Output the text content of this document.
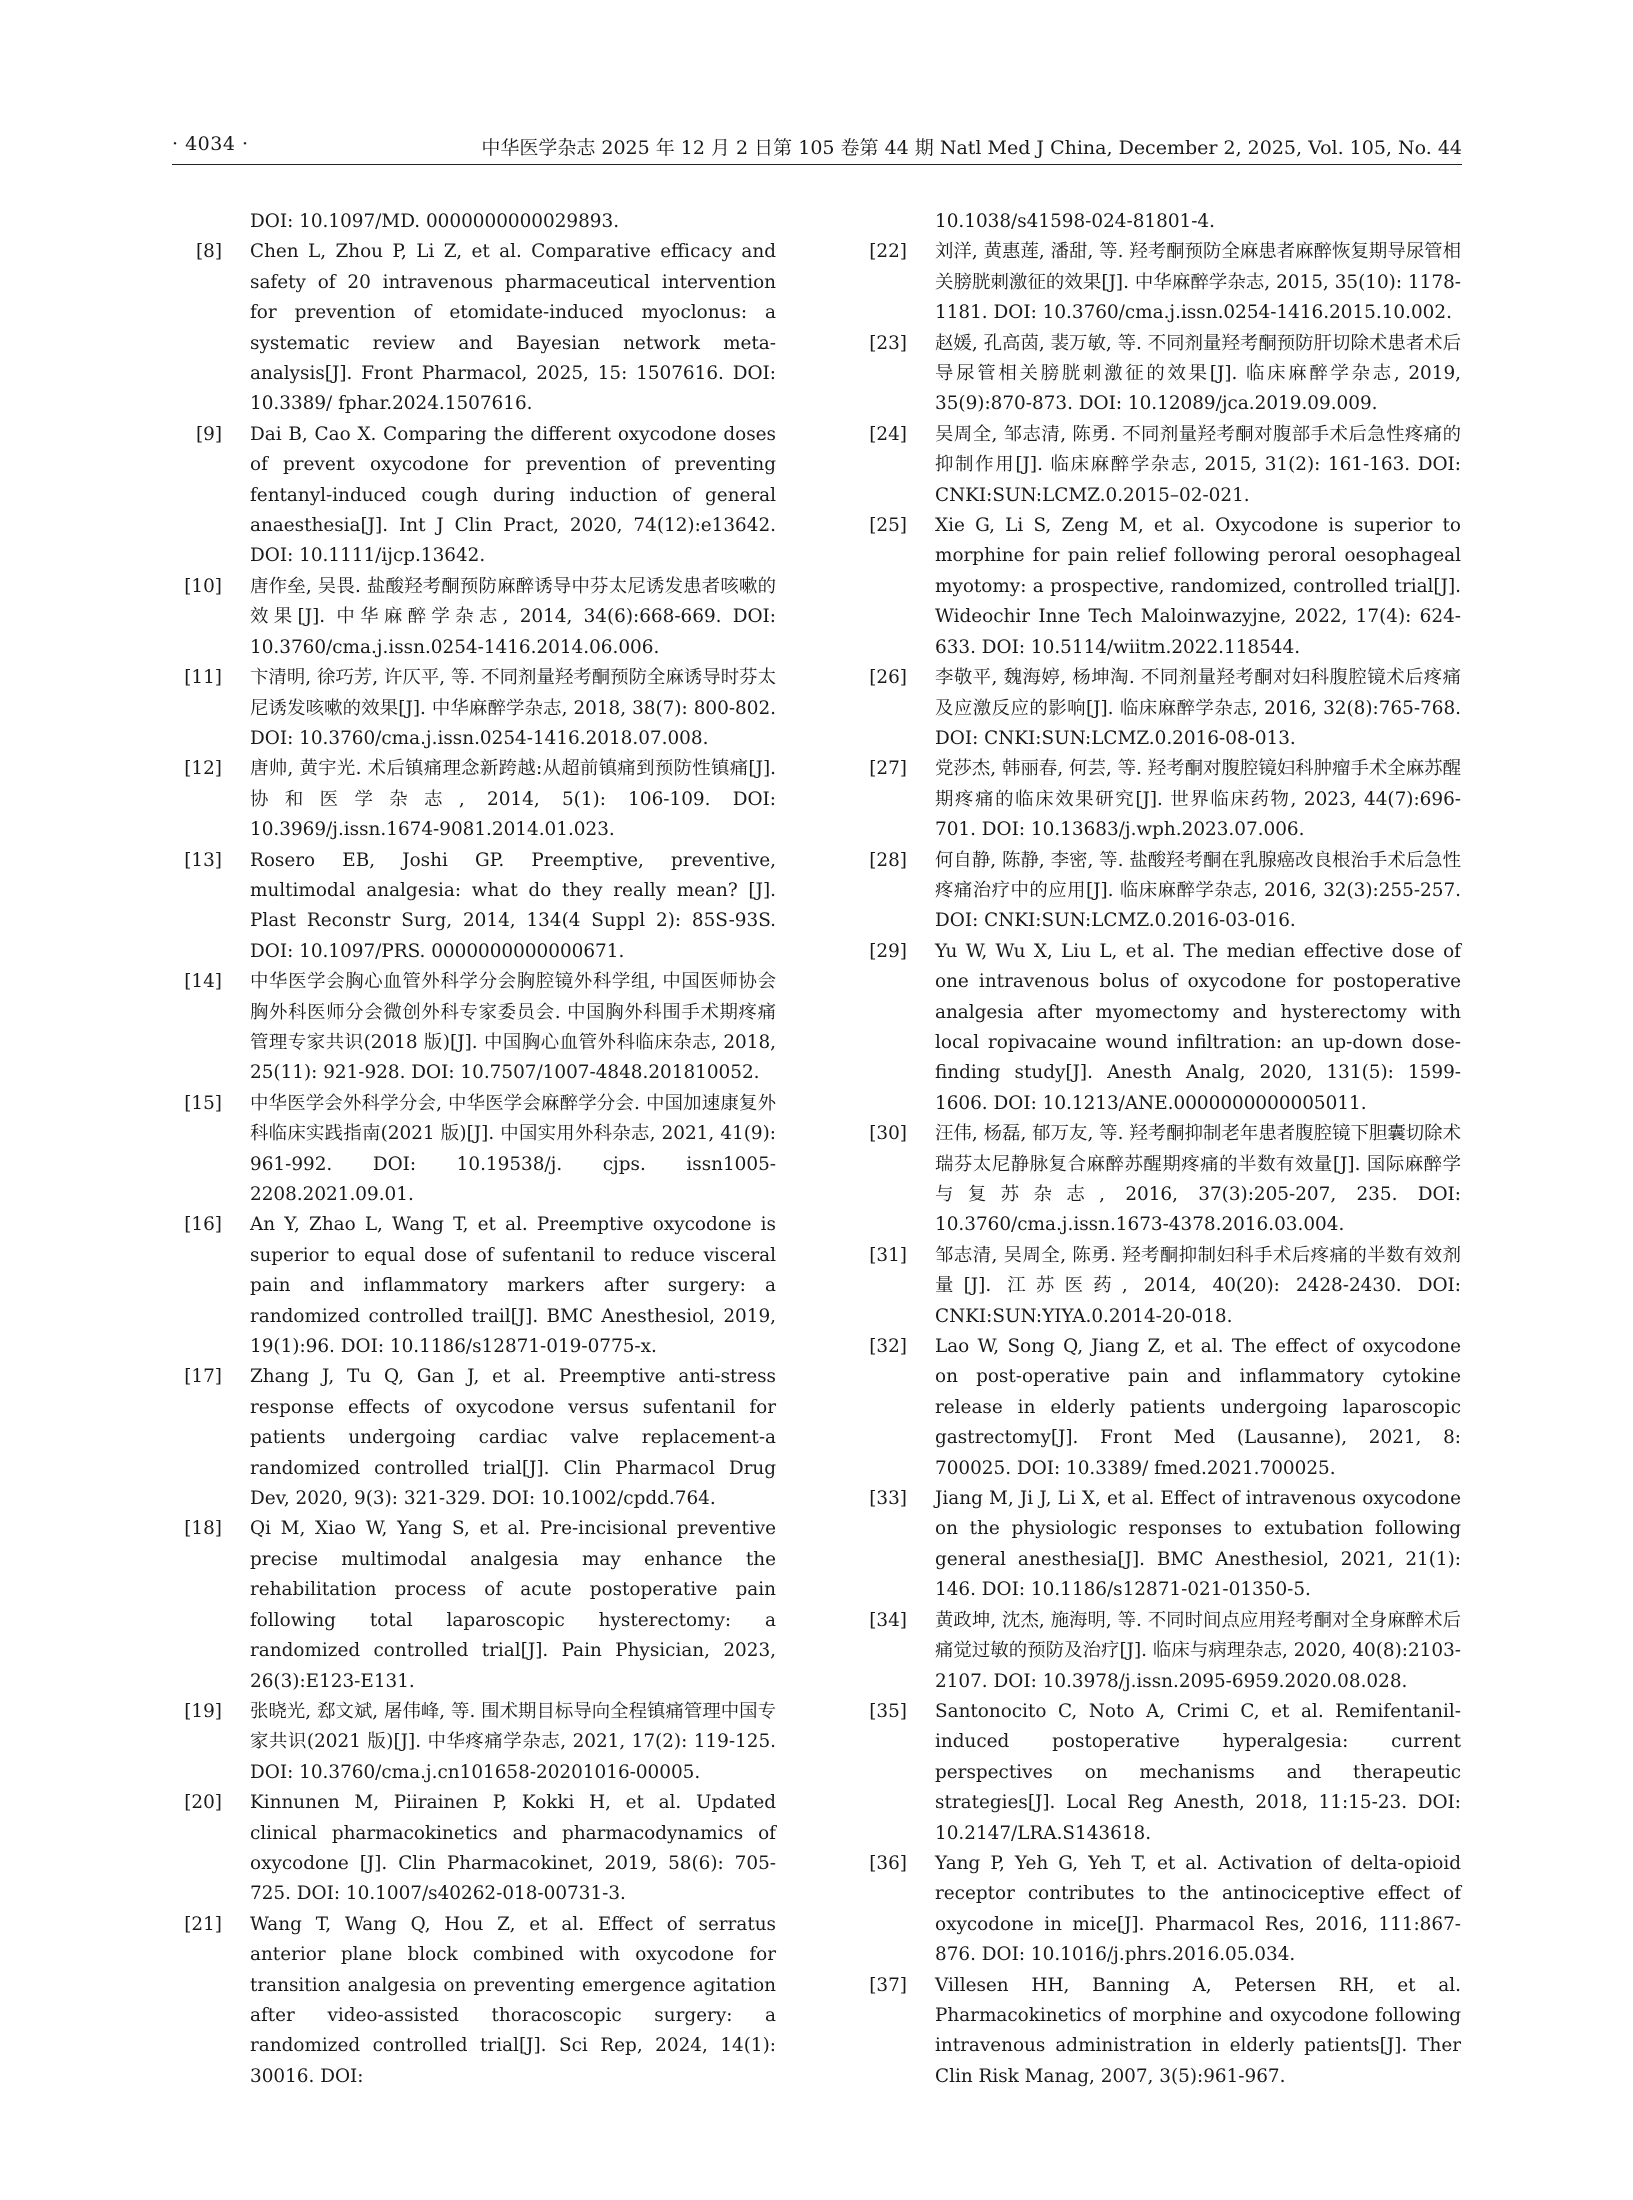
· 4034 ·	中华医学杂志 2025 年 12 月 2 日第 105 卷第 44 期 Natl Med J China, December 2, 2025, Vol. 105, No. 44
DOI: 10.1097/MD. 0000000000029893.
[8] Chen L, Zhou P, Li Z, et al. Comparative efficacy and safety of 20 intravenous pharmaceutical intervention for prevention of etomidate-induced myoclonus: a systematic review and Bayesian network meta-analysis[J]. Front Pharmacol, 2025, 15: 1507616. DOI: 10.3389/ fphar.2024.1507616.
[9] Dai B, Cao X. Comparing the different oxycodone doses of prevent oxycodone for prevention of preventing fentanyl-induced cough during induction of general anaesthesia[J]. Int J Clin Pract, 2020, 74(12):e13642. DOI: 10.1111/ijcp.13642.
[10] 唐作垒, 吴畏. 盐酸羟考酮预防麻醉诱导中芬太尼诱发患者咳嗽的效果[J]. 中华麻醉学杂志, 2014, 34(6):668-669. DOI: 10.3760/cma.j.issn.0254-1416.2014.06.006.
[11] 卞清明, 徐巧芳, 许仄平, 等. 不同剂量羟考酮预防全麻诱导时芬太尼诱发咳嗽的效果[J]. 中华麻醉学杂志, 2018, 38(7): 800-802. DOI: 10.3760/cma.j.issn.0254-1416.2018.07.008.
[12] 唐帅, 黄宇光. 术后镇痛理念新跨越:从超前镇痛到预防性镇痛[J]. 协和医学杂志, 2014, 5(1): 106-109. DOI: 10.3969/j.issn.1674-9081.2014.01.023.
[13] Rosero EB, Joshi GP. Preemptive, preventive, multimodal analgesia: what do they really mean? [J]. Plast Reconstr Surg, 2014, 134(4 Suppl 2): 85S-93S. DOI: 10.1097/PRS. 0000000000000671.
[14] 中华医学会胸心血管外科学分会胸腔镜外科学组, 中国医师协会胸外科医师分会微创外科专家委员会. 中国胸外科围手术期疼痛管理专家共识(2018 版)[J]. 中国胸心血管外科临床杂志, 2018, 25(11): 921-928. DOI: 10.7507/1007-4848.201810052.
[15] 中华医学会外科学分会, 中华医学会麻醉学分会. 中国加速康复外科临床实践指南(2021 版)[J]. 中国实用外科杂志, 2021, 41(9): 961-992. DOI: 10.19538/j. cjps. issn1005-2208.2021.09.01.
[16] An Y, Zhao L, Wang T, et al. Preemptive oxycodone is superior to equal dose of sufentanil to reduce visceral pain and inflammatory markers after surgery: a randomized controlled trail[J]. BMC Anesthesiol, 2019, 19(1):96. DOI: 10.1186/s12871-019-0775-x.
[17] Zhang J, Tu Q, Gan J, et al. Preemptive anti-stress response effects of oxycodone versus sufentanil for patients undergoing cardiac valve replacement-a randomized controlled trial[J]. Clin Pharmacol Drug Dev, 2020, 9(3): 321-329. DOI: 10.1002/cpdd.764.
[18] Qi M, Xiao W, Yang S, et al. Pre-incisional preventive precise multimodal analgesia may enhance the rehabilitation process of acute postoperative pain following total laparoscopic hysterectomy: a randomized controlled trial[J]. Pain Physician, 2023, 26(3):E123-E131.
[19] 张晓光, 郄文斌, 屠伟峰, 等. 围术期目标导向全程镇痛管理中国专家共识(2021 版)[J]. 中华疼痛学杂志, 2021, 17(2): 119-125. DOI: 10.3760/cma.j.cn101658-20201016-00005.
[20] Kinnunen M, Piirainen P, Kokki H, et al. Updated clinical pharmacokinetics and pharmacodynamics of oxycodone [J]. Clin Pharmacokinet, 2019, 58(6): 705-725. DOI: 10.1007/s40262-018-00731-3.
[21] Wang T, Wang Q, Hou Z, et al. Effect of serratus anterior plane block combined with oxycodone for transition analgesia on preventing emergence agitation after video-assisted thoracoscopic surgery: a randomized controlled trial[J]. Sci Rep, 2024, 14(1): 30016. DOI:
10.1038/s41598-024-81801-4.
[22] 刘洋, 黄惠莲, 潘甜, 等. 羟考酮预防全麻患者麻醉恢复期导尿管相关膀胱刺激征的效果[J]. 中华麻醉学杂志, 2015, 35(10): 1178-1181. DOI: 10.3760/cma.j.issn.0254-1416.2015.10.002.
[23] 赵媛, 孔高茵, 裴万敏, 等. 不同剂量羟考酮预防肝切除术患者术后导尿管相关膀胱刺激征的效果[J]. 临床麻醉学杂志, 2019, 35(9):870-873. DOI: 10.12089/jca.2019.09.009.
[24] 吴周全, 邹志清, 陈勇. 不同剂量羟考酮对腹部手术后急性疼痛的抑制作用[J]. 临床麻醉学杂志, 2015, 31(2): 161-163. DOI: CNKI:SUN:LCMZ.0.2015–02-021.
[25] Xie G, Li S, Zeng M, et al. Oxycodone is superior to morphine for pain relief following peroral oesophageal myotomy: a prospective, randomized, controlled trial[J]. Wideochir Inne Tech Maloinwazyjne, 2022, 17(4): 624-633. DOI: 10.5114/wiitm.2022.118544.
[26] 李敬平, 魏海婷, 杨坤淘. 不同剂量羟考酮对妇科腹腔镜术后疼痛及应激反应的影响[J]. 临床麻醉学杂志, 2016, 32(8):765-768. DOI: CNKI:SUN:LCMZ.0.2016-08-013.
[27] 党莎杰, 韩丽春, 何芸, 等. 羟考酮对腹腔镜妇科肿瘤手术全麻苏醒期疼痛的临床效果研究[J]. 世界临床药物, 2023, 44(7):696-701. DOI: 10.13683/j.wph.2023.07.006.
[28] 何自静, 陈静, 李密, 等. 盐酸羟考酮在乳腺癌改良根治手术后急性疼痛治疗中的应用[J]. 临床麻醉学杂志, 2016, 32(3):255-257. DOI: CNKI:SUN:LCMZ.0.2016-03-016.
[29] Yu W, Wu X, Liu L, et al. The median effective dose of one intravenous bolus of oxycodone for postoperative analgesia after myomectomy and hysterectomy with local ropivacaine wound infiltration: an up-down dose-finding study[J]. Anesth Analg, 2020, 131(5): 1599-1606. DOI: 10.1213/ANE.0000000000005011.
[30] 汪伟, 杨磊, 郁万友, 等. 羟考酮抑制老年患者腹腔镜下胆囊切除术瑞芬太尼静脉复合麻醉苏醒期疼痛的半数有效量[J]. 国际麻醉学与复苏杂志, 2016, 37(3):205-207, 235. DOI: 10.3760/cma.j.issn.1673-4378.2016.03.004.
[31] 邹志清, 吴周全, 陈勇. 羟考酮抑制妇科手术后疼痛的半数有效剂量[J]. 江苏医药, 2014, 40(20): 2428-2430. DOI: CNKI:SUN:YIYA.0.2014-20-018.
[32] Lao W, Song Q, Jiang Z, et al. The effect of oxycodone on post-operative pain and inflammatory cytokine release in elderly patients undergoing laparoscopic gastrectomy[J]. Front Med (Lausanne), 2021, 8: 700025. DOI: 10.3389/ fmed.2021.700025.
[33] Jiang M, Ji J, Li X, et al. Effect of intravenous oxycodone on the physiologic responses to extubation following general anesthesia[J]. BMC Anesthesiol, 2021, 21(1): 146. DOI: 10.1186/s12871-021-01350-5.
[34] 黄政坤, 沈杰, 施海明, 等. 不同时间点应用羟考酮对全身麻醉术后痛觉过敏的预防及治疗[J]. 临床与病理杂志, 2020, 40(8):2103-2107. DOI: 10.3978/j.issn.2095-6959.2020.08.028.
[35] Santonocito C, Noto A, Crimi C, et al. Remifentanil-induced postoperative hyperalgesia: current perspectives on mechanisms and therapeutic strategies[J]. Local Reg Anesth, 2018, 11:15-23. DOI: 10.2147/LRA.S143618.
[36] Yang P, Yeh G, Yeh T, et al. Activation of delta-opioid receptor contributes to the antinociceptive effect of oxycodone in mice[J]. Pharmacol Res, 2016, 111:867-876. DOI: 10.1016/j.phrs.2016.05.034.
[37] Villesen HH, Banning A, Petersen RH, et al. Pharmacokinetics of morphine and oxycodone following intravenous administration in elderly patients[J]. Ther Clin Risk Manag, 2007, 3(5):961-967.
